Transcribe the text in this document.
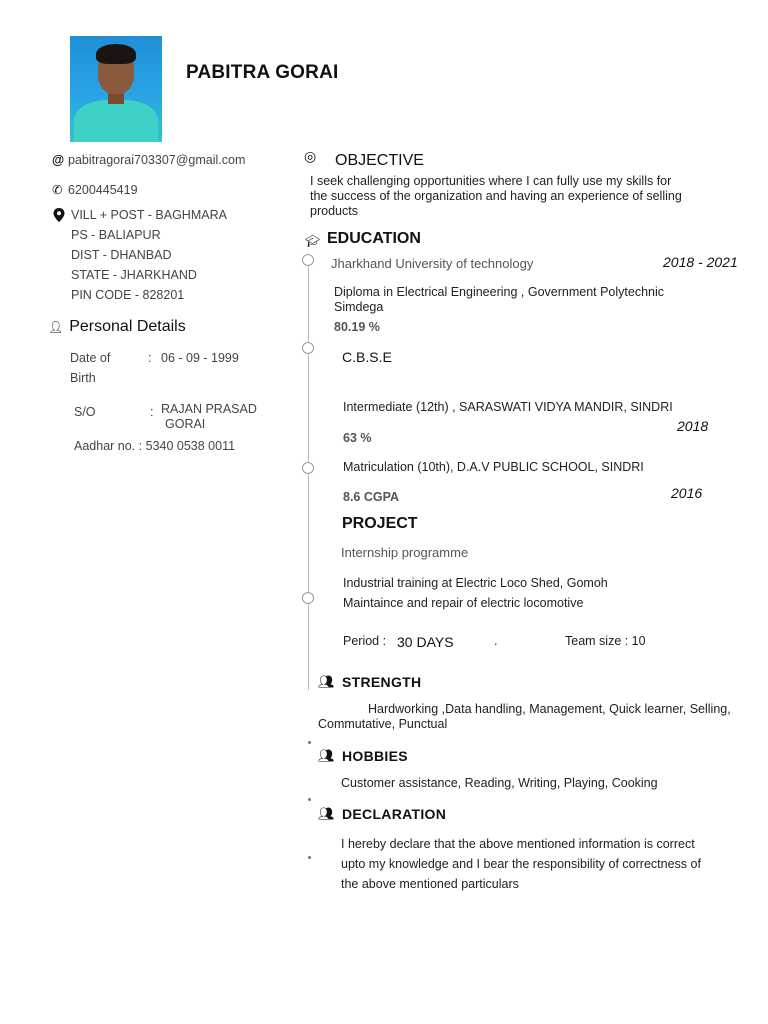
PABITRA GORAI
@ pabitragorai703307@gmail.com
✆ 6200445419
VILL + POST - BAGHMARA
PS - BALIAPUR
DIST - DHANBAD
STATE - JHARKHAND
PIN CODE - 828201
👤︎ Personal Details
Date of
Birth
: 06 - 09 - 1999
S/O	: RAJAN PRASAD
GORAI
Aadhar no. : 5340 0538 0011
◎ OBJECTIVE
I seek challenging opportunities where I can fully use my skills for
the success of the organization and having an experience of selling
products
🎓︎ EDUCATION
Jharkhand University of technology	2018 - 2021
Diploma in Electrical Engineering , Government Polytechnic
Simdega
80.19 %
C.B.S.E
Intermediate (12th) , SARASWATI VIDYA MANDIR, SINDRI
2018
63 %
Matriculation (10th), D.A.V PUBLIC SCHOOL, SINDRI
8.6 CGPA	2016
PROJECT
Internship programme
Industrial training at Electric Loco Shed, Gomoh
Maintaince and repair of electric locomotive
Period : 30 DAYS	.	Team size : 10
👥︎ STRENGTH
Hardworking ,Data handling, Management, Quick learner, Selling,
Commutative, Punctual
👥︎ HOBBIES
Customer assistance, Reading, Writing, Playing, Cooking
👥︎ DECLARATION
I hereby declare that the above mentioned information is correct
upto my knowledge and I bear the responsibility of correctness of
the above mentioned particulars
